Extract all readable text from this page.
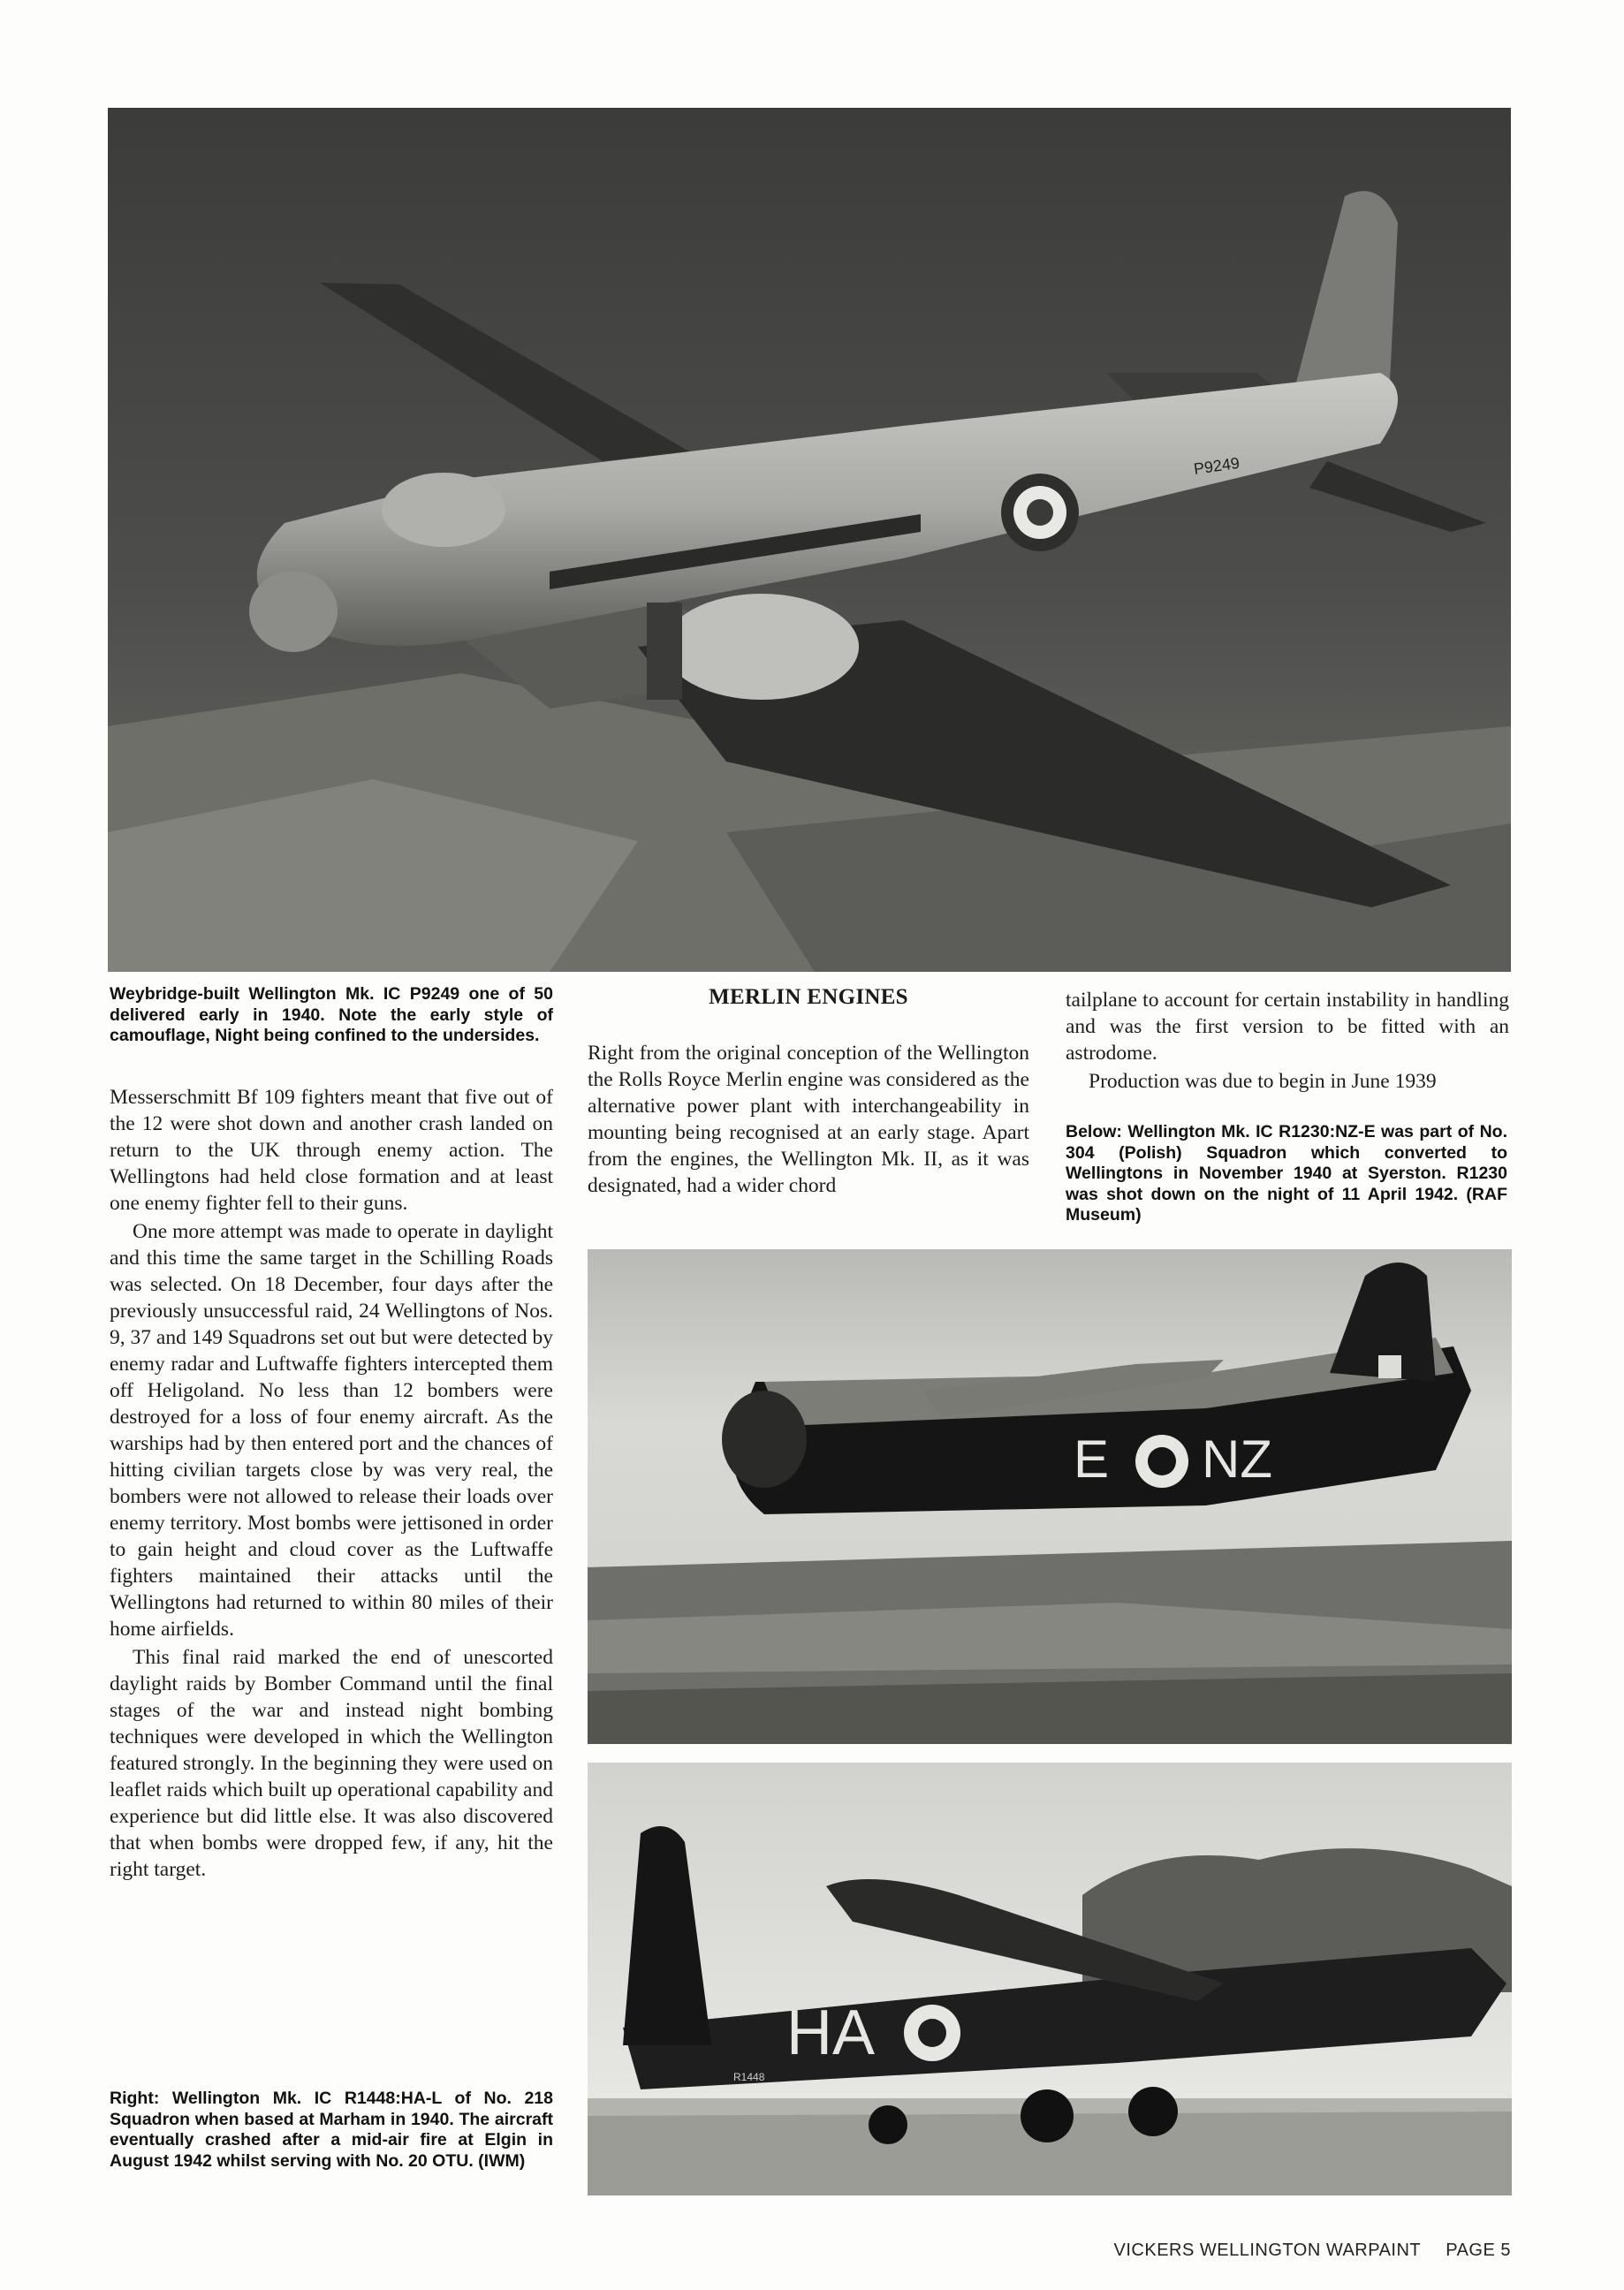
P9249
Weybridge-built Wellington Mk. IC P9249 one of 50 delivered early in 1940. Note the early style of camouflage, Night being confined to the undersides.

Messerschmitt Bf 109 fighters meant that five out of the 12 were shot down and another crash landed on return to the UK through enemy action. The Wellingtons had held close formation and at least one enemy fighter fell to their guns.

One more attempt was made to operate in daylight and this time the same target in the Schilling Roads was selected. On 18 December, four days after the previously unsuccessful raid, 24 Wellingtons of Nos. 9, 37 and 149 Squadrons set out but were detected by enemy radar and Luftwaffe fighters intercepted them off Heligoland. No less than 12 bombers were destroyed for a loss of four enemy aircraft. As the warships had by then entered port and the chances of hitting civilian targets close by was very real, the bombers were not allowed to release their loads over enemy territory. Most bombs were jettisoned in order to gain height and cloud cover as the Luftwaffe fighters maintained their attacks until the Wellingtons had returned to within 80 miles of their home airfields.

This final raid marked the end of unescorted daylight raids by Bomber Command until the final stages of the war and instead night bombing techniques were developed in which the Wellington featured strongly. In the beginning they were used on leaflet raids which built up operational capability and experience but did little else. It was also discovered that when bombs were dropped few, if any, hit the right target.

MERLIN ENGINES

Right from the original conception of the Wellington the Rolls Royce Merlin engine was considered as the alternative power plant with interchangeability in mounting being recognised at an early stage. Apart from the engines, the Wellington Mk. II, as it was designated, had a wider chord

tailplane to account for certain instability in handling and was the first version to be fitted with an astrodome.

Production was due to begin in June 1939

Below: Wellington Mk. IC R1230:NZ-E was part of No. 304 (Polish) Squadron which converted to Wellingtons in November 1940 at Syerston. R1230 was shot down on the night of 11 April 1942. (RAF Museum)
E NZ
HA
R1448
Right: Wellington Mk. IC R1448:HA-L of No. 218 Squadron when based at Marham in 1940. The aircraft eventually crashed after a mid-air fire at Elgin in August 1942 whilst serving with No. 20 OTU. (IWM)
VICKERS WELLINGTON WARPAINT PAGE 5
